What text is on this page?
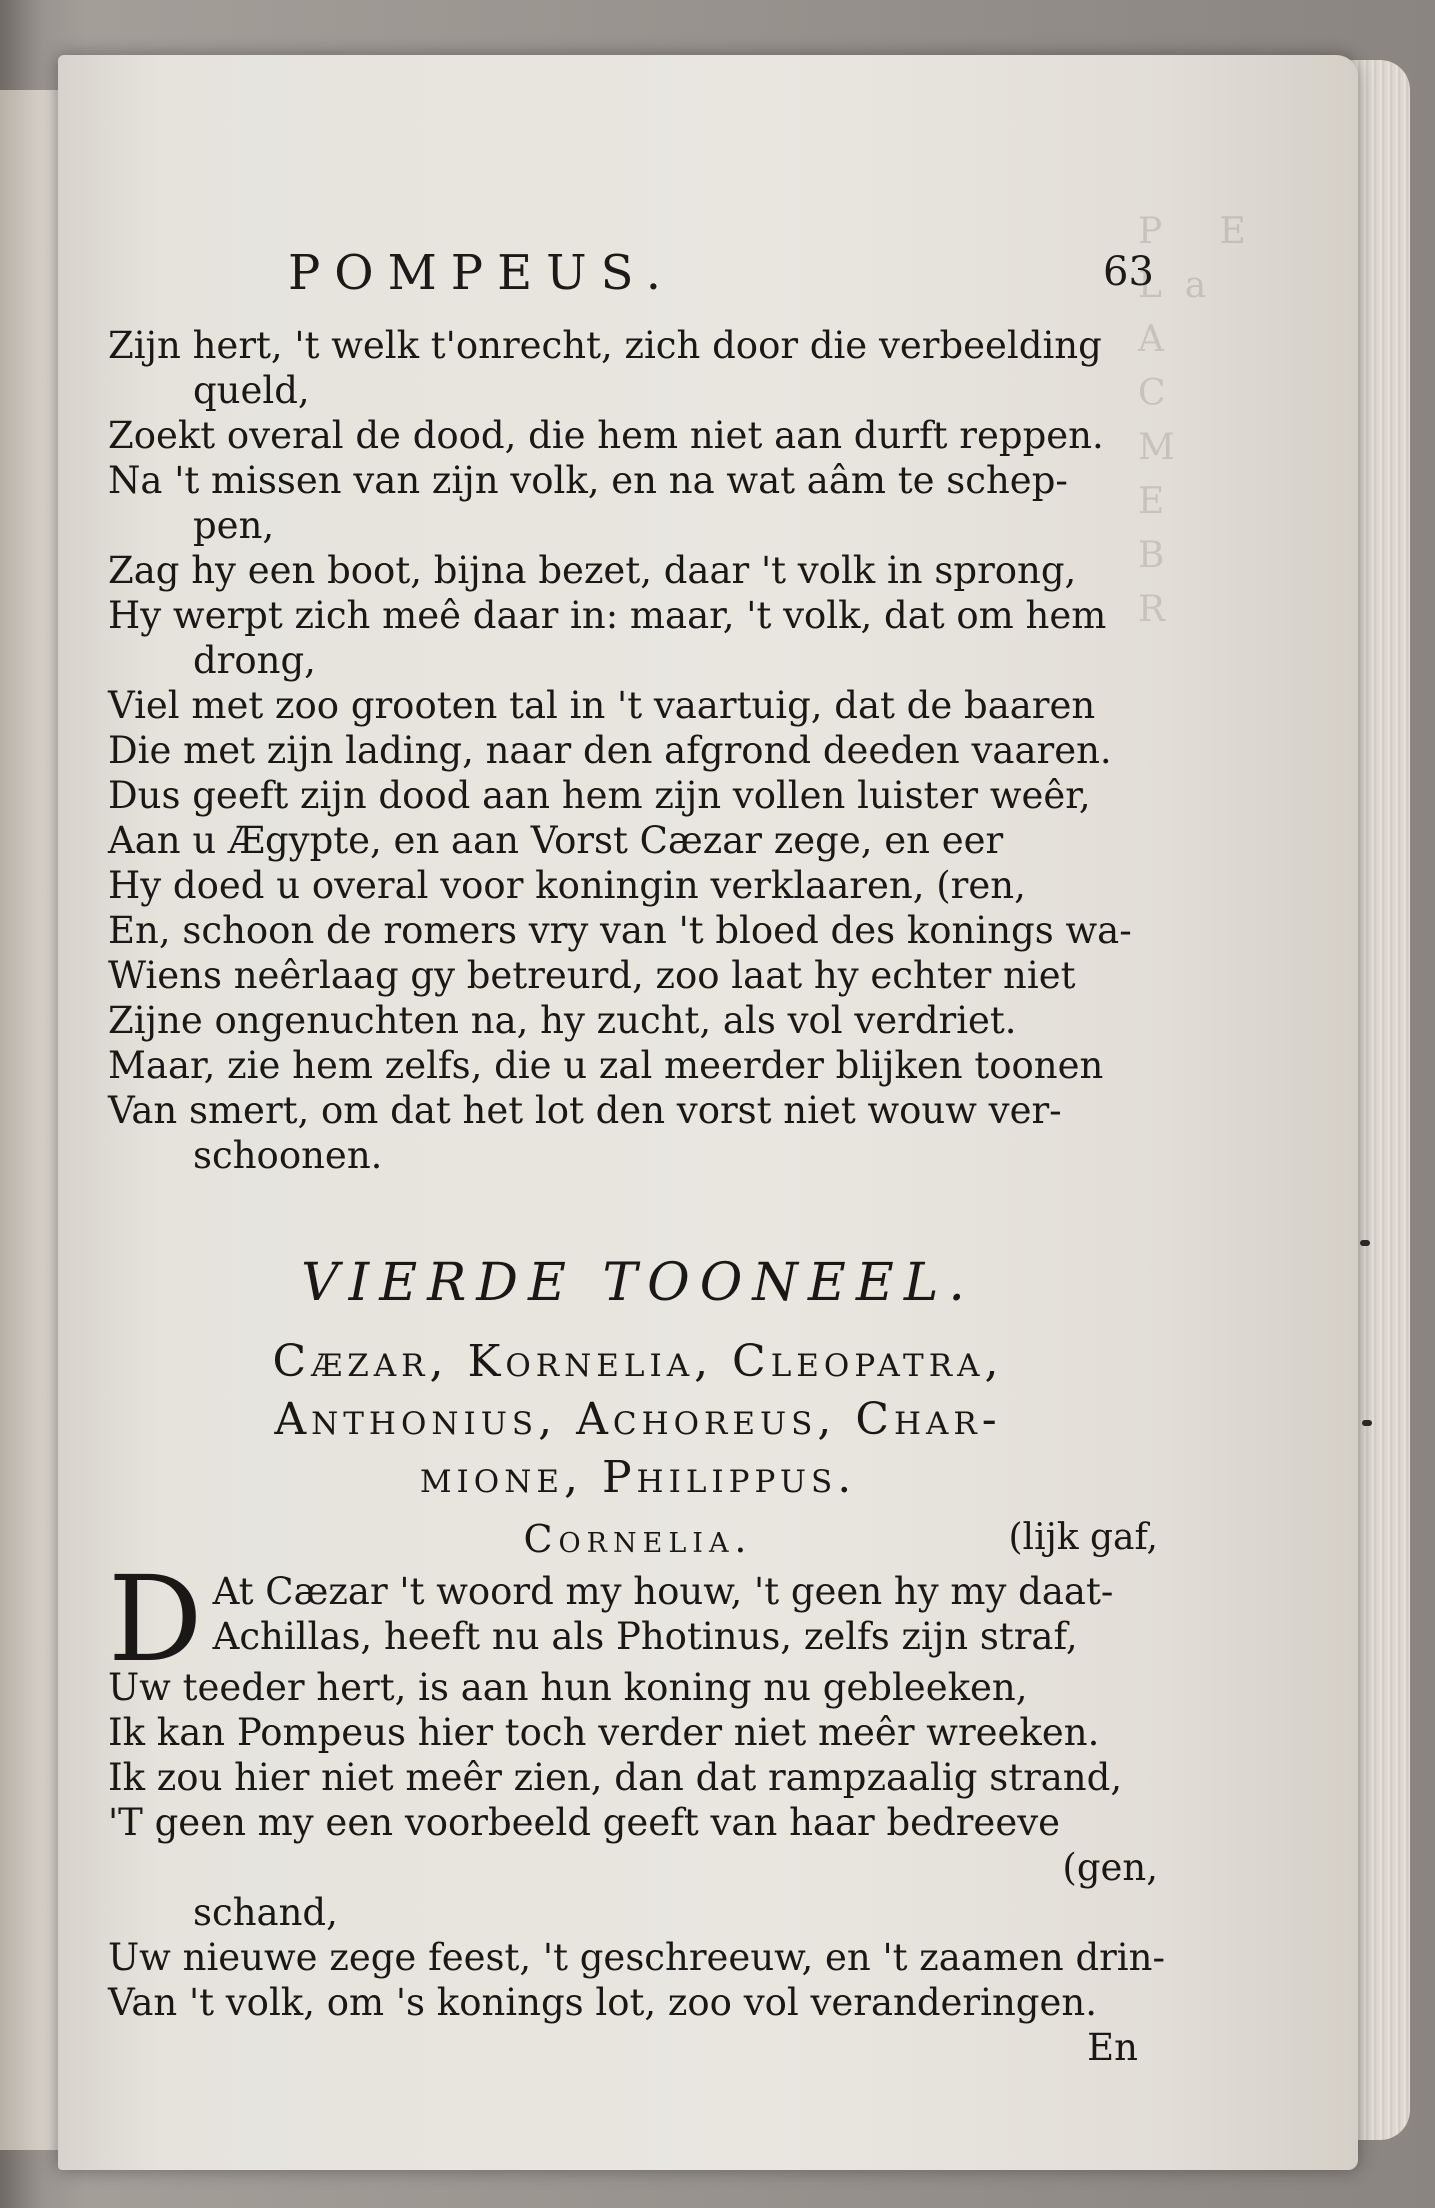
P     E
L  a
A
C
M
E
B
R
POMPEUS.	63
Zijn hert, 't welk t'onrecht, zich door die verbeelding
queld,
Zoekt overal de dood, die hem niet aan durft reppen.
Na 't missen van zijn volk, en na wat aâm te schep-
pen,
Zag hy een boot, bijna bezet, daar 't volk in sprong,
Hy werpt zich meê daar in: maar, 't volk, dat om hem
drong,
Viel met zoo grooten tal in 't vaartuig, dat de baaren
Die met zijn lading, naar den afgrond deeden vaaren.
Dus geeft zijn dood aan hem zijn vollen luister weêr,
Aan u Ægypte, en aan Vorst Cæzar zege, en eer
Hy doed u overal voor koningin verklaaren, (ren,
En, schoon de romers vry van 't bloed des konings wa-
Wiens neêrlaag gy betreurd, zoo laat hy echter niet
Zijne ongenuchten na, hy zucht, als vol verdriet.
Maar, zie hem zelfs, die u zal meerder blijken toonen
Van smert, om dat het lot den vorst niet wouw ver-
schoonen.
VIERDE TOONEEL.
Cæzar, Kornelia, Cleopatra,
Anthonius, Achoreus, Char-
mione, Philippus.
Cornelia.	(lijk gaf,
D At Cæzar 't woord my houw, 't geen hy my daat-
Achillas, heeft nu als Photinus, zelfs zijn straf,
Uw teeder hert, is aan hun koning nu gebleeken,
Ik kan Pompeus hier toch verder niet meêr wreeken.
Ik zou hier niet meêr zien, dan dat rampzaalig strand,
'T geen my een voorbeeld geeft van haar bedreeve
(gen,
schand,
Uw nieuwe zege feest, 't geschreeuw, en 't zaamen drin-
Van 't volk, om 's konings lot, zoo vol veranderingen.
En
